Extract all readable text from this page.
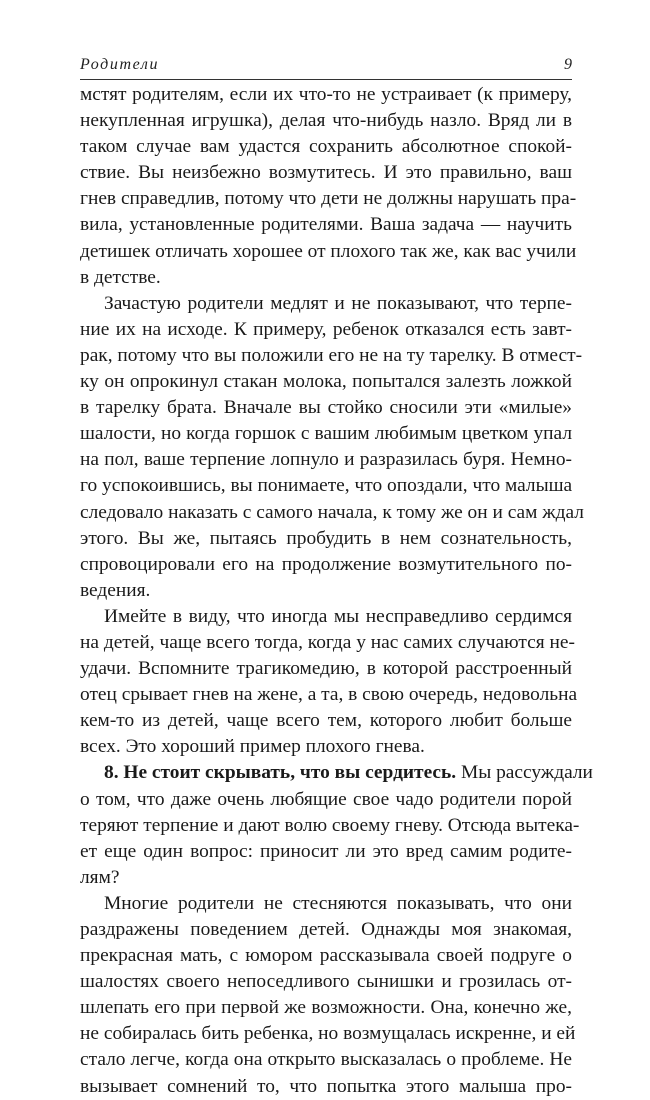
Родители	9
мстят родителям, если их что-то не устраивает (к примеру,
некупленная игрушка), делая что-нибудь назло. Вряд ли в
таком случае вам удастся сохранить абсолютное спокой-
ствие. Вы неизбежно возмутитесь. И это правильно, ваш
гнев справедлив, потому что дети не должны нарушать пра-
вила, установленные родителями. Ваша задача — научить
детишек отличать хорошее от плохого так же, как вас учили
в детстве.
Зачастую родители медлят и не показывают, что терпе-
ние их на исходе. К примеру, ребенок отказался есть завт-
рак, потому что вы положили его не на ту тарелку. В отмест-
ку он опрокинул стакан молока, попытался залезть ложкой
в тарелку брата. Вначале вы стойко сносили эти «милые»
шалости, но когда горшок с вашим любимым цветком упал
на пол, ваше терпение лопнуло и разразилась буря. Немно-
го успокоившись, вы понимаете, что опоздали, что малыша
следовало наказать с самого начала, к тому же он и сам ждал
этого. Вы же, пытаясь пробудить в нем сознательность,
спровоцировали его на продолжение возмутительного по-
ведения.
Имейте в виду, что иногда мы несправедливо сердимся
на детей, чаще всего тогда, когда у нас самих случаются не-
удачи. Вспомните трагикомедию, в которой расстроенный
отец срывает гнев на жене, а та, в свою очередь, недовольна
кем-то из детей, чаще всего тем, которого любит больше
всех. Это хороший пример плохого гнева.
8. Не стоит скрывать, что вы сердитесь. Мы рассуждали
о том, что даже очень любящие свое чадо родители порой
теряют терпение и дают волю своему гневу. Отсюда вытека-
ет еще один вопрос: приносит ли это вред самим родите-
лям?
Многие родители не стесняются показывать, что они
раздражены поведением детей. Однажды моя знакомая,
прекрасная мать, с юмором рассказывала своей подруге о
шалостях своего непоседливого сынишки и грозилась от-
шлепать его при первой же возможности. Она, конечно же,
не собиралась бить ребенка, но возмущалась искренне, и ей
стало легче, когда она открыто высказалась о проблеме. Не
вызывает сомнений то, что попытка этого малыша про-
